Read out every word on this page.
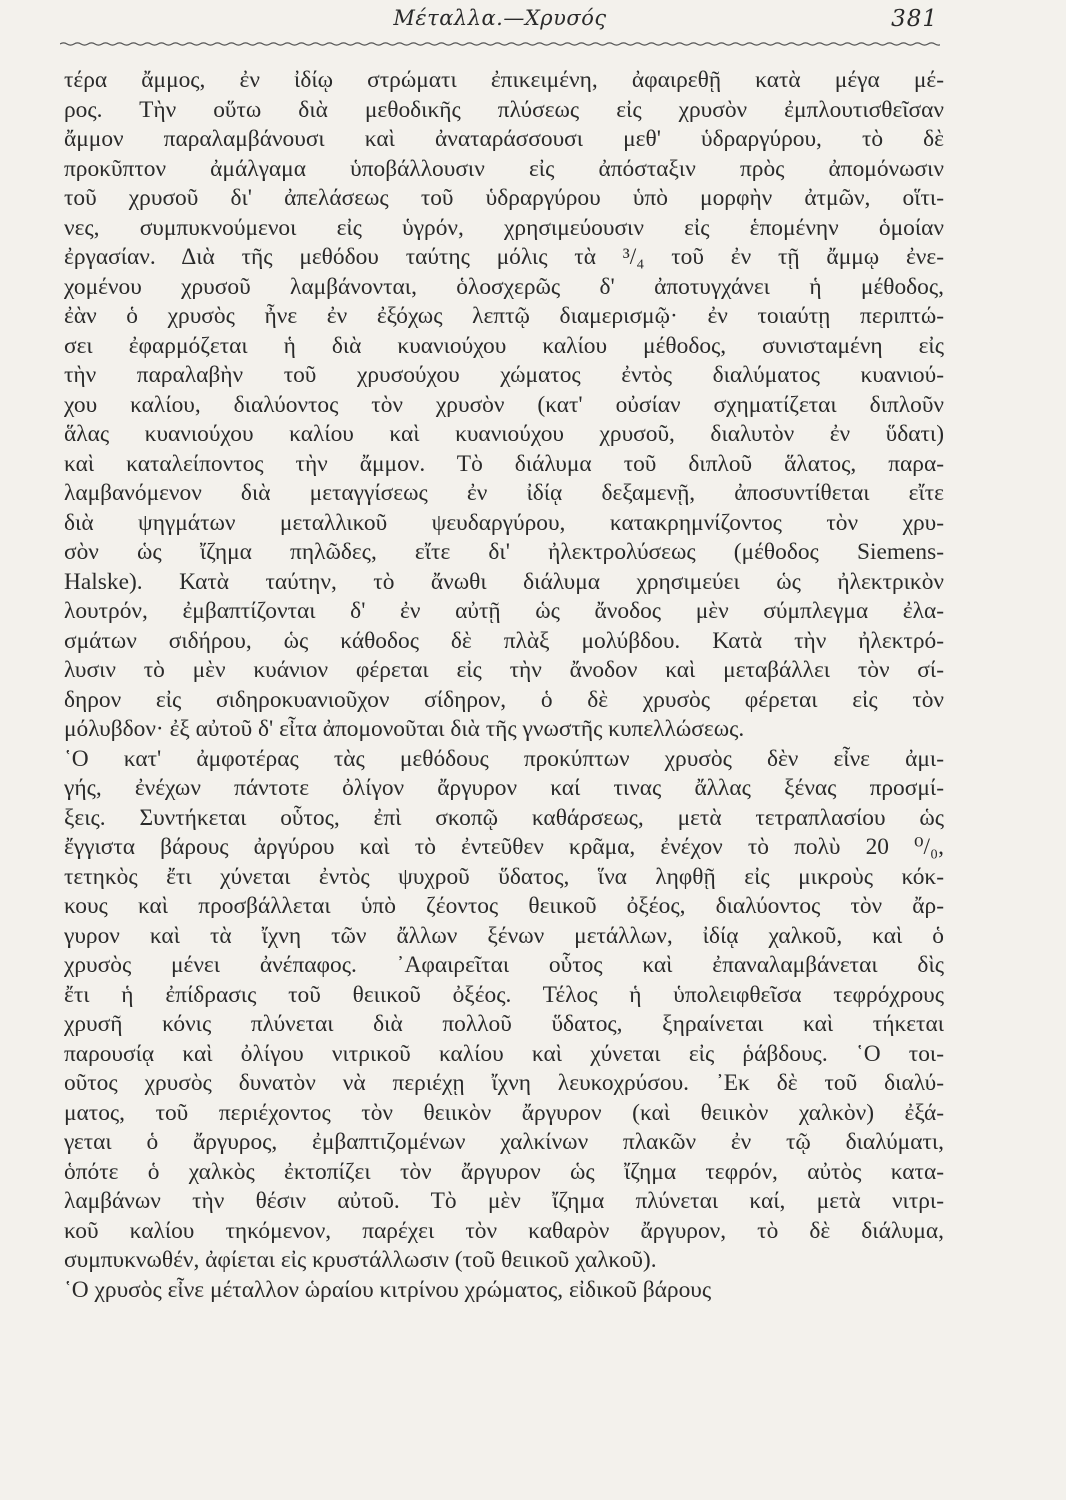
Μέταλλα.—Χρυσός	381
τέρα ἄμμος, ἐν ἰδίῳ στρώματι ἐπικειμένη, ἀφαιρεθῇ κατὰ μέγα μέ-
ρος. Τὴν οὕτω διὰ μεθοδικῆς πλύσεως εἰς χρυσὸν ἐμπλουτισθεῖσαν
ἄμμον παραλαμβάνουσι καὶ ἀναταράσσουσι μεθ' ὑδραργύρου, τὸ δὲ
προκῦπτον ἀμάλγαμα ὑποβάλλουσιν εἰς ἀπόσταξιν πρὸς ἀπομόνωσιν
τοῦ χρυσοῦ δι' ἀπελάσεως τοῦ ὑδραργύρου ὑπὸ μορφὴν ἀτμῶν, οἵτι-
νες, συμπυκνούμενοι εἰς ὑγρόν, χρησιμεύουσιν εἰς ἑπομένην ὁμοίαν
ἐργασίαν. Διὰ τῆς μεθόδου ταύτης μόλις τὰ ³/₄ τοῦ ἐν τῇ ἄμμῳ ἐνε-
χομένου χρυσοῦ λαμβάνονται, ὁλοσχερῶς δ' ἀποτυγχάνει ἡ μέθοδος,
ἐὰν ὁ χρυσὸς ἦνε ἐν ἐξόχως λεπτῷ διαμερισμῷ· ἐν τοιαύτῃ περιπτώ-
σει ἐφαρμόζεται ἡ διὰ κυανιούχου καλίου μέθοδος, συνισταμένη εἰς
τὴν παραλαβὴν τοῦ χρυσούχου χώματος ἐντὸς διαλύματος κυανιού-
χου καλίου, διαλύοντος τὸν χρυσὸν (κατ' οὐσίαν σχηματίζεται διπλοῦν
ἅλας κυανιούχου καλίου καὶ κυανιούχου χρυσοῦ, διαλυτὸν ἐν ὕδατι)
καὶ καταλείποντος τὴν ἄμμον. Τὸ διάλυμα τοῦ διπλοῦ ἅλατος, παρα-
λαμβανόμενον διὰ μεταγγίσεως ἐν ἰδίᾳ δεξαμενῇ, ἀποσυντίθεται εἴτε
διὰ ψηγμάτων μεταλλικοῦ ψευδαργύρου, κατακρημνίζοντος τὸν χρυ-
σὸν ὡς ἴζημα πηλῶδες, εἴτε δι' ἠλεκτρολύσεως (μέθοδος Siemens-
Halske). Κατὰ ταύτην, τὸ ἄνωθι διάλυμα χρησιμεύει ὡς ἠλεκτρικὸν
λουτρόν, ἐμβαπτίζονται δ' ἐν αὐτῇ ὡς ἄνοδος μὲν σύμπλεγμα ἐλα-
σμάτων σιδήρου, ὡς κάθοδος δὲ πλὰξ μολύβδου. Κατὰ τὴν ἠλεκτρό-
λυσιν τὸ μὲν κυάνιον φέρεται εἰς τὴν ἄνοδον καὶ μεταβάλλει τὸν σί-
δηρον εἰς σιδηροκυανιοῦχον σίδηρον, ὁ δὲ χρυσὸς φέρεται εἰς τὸν
μόλυβδον· ἐξ αὐτοῦ δ' εἶτα ἀπομονοῦται διὰ τῆς γνωστῆς κυπελλώσεως.
῾Ο κατ' ἀμφοτέρας τὰς μεθόδους προκύπτων χρυσὸς δὲν εἶνε ἀμι-
γής, ἐνέχων πάντοτε ὀλίγον ἄργυρον καί τινας ἄλλας ξένας προσμί-
ξεις. Συντήκεται οὗτος, ἐπὶ σκοπῷ καθάρσεως, μετὰ τετραπλασίου ὡς
ἔγγιστα βάρους ἀργύρου καὶ τὸ ἐντεῦθεν κρᾶμα, ἐνέχον τὸ πολὺ 20 ⁰/₀,
τετηκὸς ἔτι χύνεται ἐντὸς ψυχροῦ ὕδατος, ἵνα ληφθῇ εἰς μικροὺς κόκ-
κους καὶ προσβάλλεται ὑπὸ ζέοντος θειικοῦ ὀξέος, διαλύοντος τὸν ἄρ-
γυρον καὶ τὰ ἴχνη τῶν ἄλλων ξένων μετάλλων, ἰδίᾳ χαλκοῦ, καὶ ὁ
χρυσὸς μένει ἀνέπαφος. ᾿Αφαιρεῖται οὗτος καὶ ἐπαναλαμβάνεται δὶς
ἔτι ἡ ἐπίδρασις τοῦ θειικοῦ ὀξέος. Τέλος ἡ ὑπολειφθεῖσα τεφρόχρους
χρυσῆ κόνις πλύνεται διὰ πολλοῦ ὕδατος, ξηραίνεται καὶ τήκεται
παρουσίᾳ καὶ ὀλίγου νιτρικοῦ καλίου καὶ χύνεται εἰς ῥάβδους. ῾Ο τοι-
οῦτος χρυσὸς δυνατὸν νὰ περιέχῃ ἴχνη λευκοχρύσου. ᾿Εκ δὲ τοῦ διαλύ-
ματος, τοῦ περιέχοντος τὸν θειικὸν ἄργυρον (καὶ θειικὸν χαλκὸν) ἐξά-
γεται ὁ ἄργυρος, ἐμβαπτιζομένων χαλκίνων πλακῶν ἐν τῷ διαλύματι,
ὁπότε ὁ χαλκὸς ἐκτοπίζει τὸν ἄργυρον ὡς ἴζημα τεφρόν, αὐτὸς κατα-
λαμβάνων τὴν θέσιν αὐτοῦ. Τὸ μὲν ἴζημα πλύνεται καί, μετὰ νιτρι-
κοῦ καλίου τηκόμενον, παρέχει τὸν καθαρὸν ἄργυρον, τὸ δὲ διάλυμα,
συμπυκνωθέν, ἀφίεται εἰς κρυστάλλωσιν (τοῦ θειικοῦ χαλκοῦ).
῾Ο χρυσὸς εἶνε μέταλλον ὡραίου κιτρίνου χρώματος, εἰδικοῦ βάρους
